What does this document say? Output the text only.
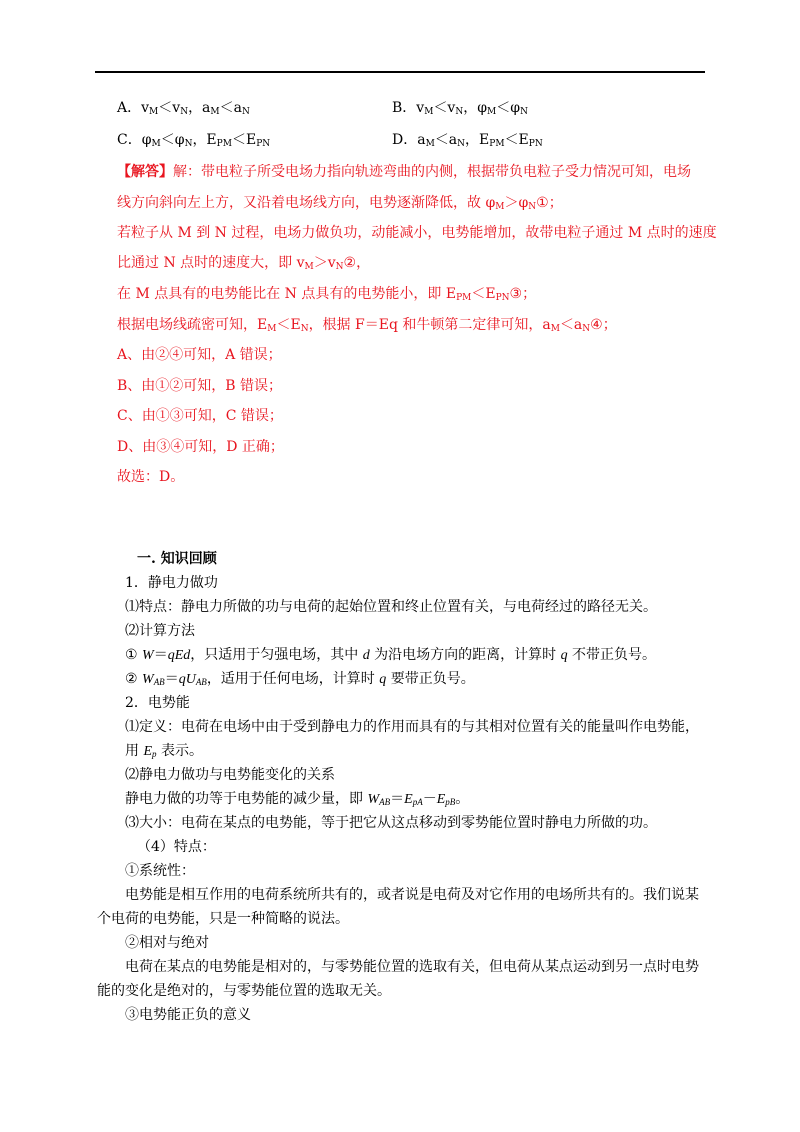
A．$v_M<v_N$，$a_M<a_N$	B．$v_M<v_N$，$\varphi_M<\varphi_N$
C．$\varphi_M<\varphi_N$，$E_{PM}<E_{PN}$	D．$a_M<a_N$，$E_{PM}<E_{PN}$
【解答】解：带电粒子所受电场力指向轨迹弯曲的内侧，根据带负电粒子受力情况可知，电场
线方向斜向左上方，又沿着电场线方向，电势逐渐降低，故 $\varphi_M>\varphi_N①$；
若粒子从 M 到 N 过程，电场力做负功，动能减小，电势能增加，故带电粒子通过 M 点时的速度
比通过 N 点时的速度大，即 $v_M>v_N②$，
在 M 点具有的电势能比在 N 点具有的电势能小，即 $E_{PM}<E_{PN}③$；
根据电场线疏密可知，$E_M<E_N$，根据 F＝Eq 和牛顿第二定律可知，$a_M<a_N④$；
A、由②④可知，A 错误；
B、由①②可知，B 错误；
C、由①③可知，C 错误；
D、由③④可知，D 正确；
故选：D。
一. 知识回顾
1．静电力做功
⑴特点：静电力所做的功与电荷的起始位置和终止位置有关，与电荷经过的路径无关。
⑵计算方法
① W＝qEd，只适用于匀强电场，其中 d 为沿电场方向的距离，计算时 q 不带正负号。
② $W_{AB}=qU_{AB}$，适用于任何电场，计算时 q 要带正负号。
2．电势能
⑴定义：电荷在电场中由于受到静电力的作用而具有的与其相对位置有关的能量叫作电势能，
用 $E_p$ 表示。
⑵静电力做功与电势能变化的关系
静电力做的功等于电势能的减少量，即 $W_{AB}=E_{pA}-E_{pB}$。
⑶大小：电荷在某点的电势能，等于把它从这点移动到零势能位置时静电力所做的功。
（4）特点：
①系统性：
电势能是相互作用的电荷系统所共有的，或者说是电荷及对它作用的电场所共有的。我们说某
个电荷的电势能，只是一种简略的说法。
②相对与绝对
电荷在某点的电势能是相对的，与零势能位置的选取有关，但电荷从某点运动到另一点时电势
能的变化是绝对的，与零势能位置的选取无关。
③电势能正负的意义
